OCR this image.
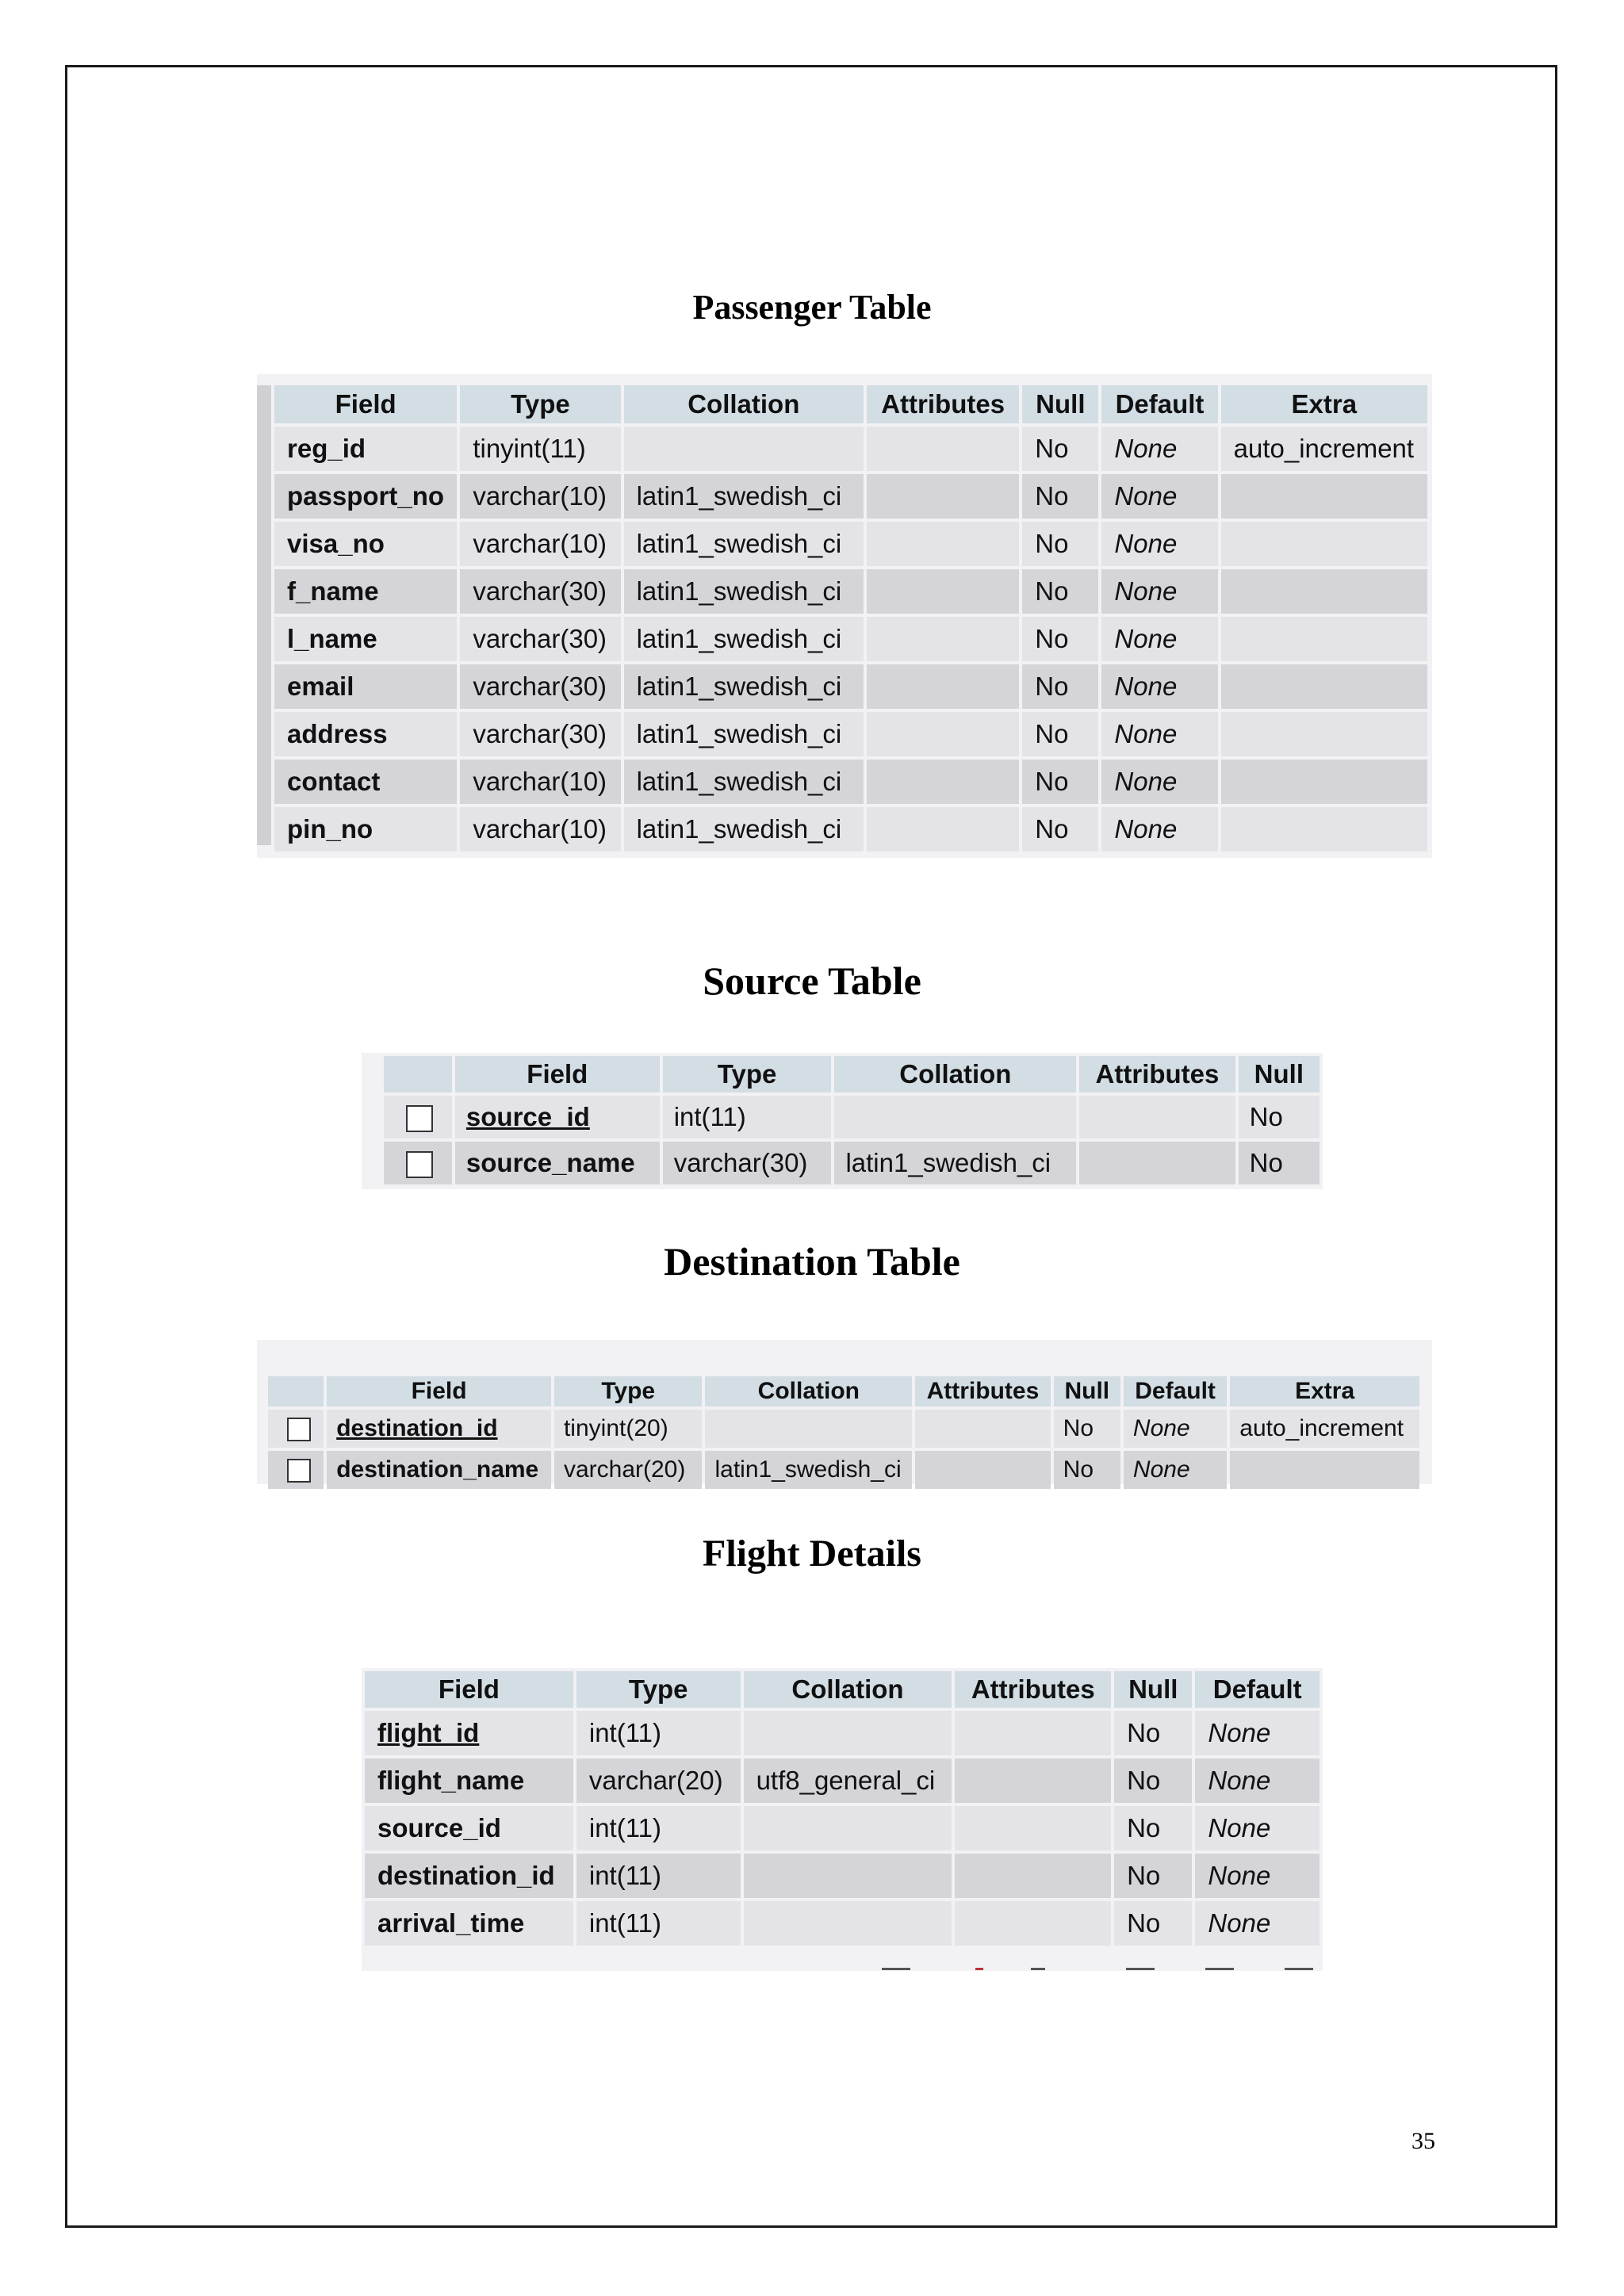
Passenger Table
Field	Type	Collation	Attributes	Null	Default	Extra
reg_id	tinyint(11)			No	None	auto_increment
passport_no	varchar(10)	latin1_swedish_ci		No	None	
visa_no	varchar(10)	latin1_swedish_ci		No	None	
f_name	varchar(30)	latin1_swedish_ci		No	None	
l_name	varchar(30)	latin1_swedish_ci		No	None	
email	varchar(30)	latin1_swedish_ci		No	None	
address	varchar(30)	latin1_swedish_ci		No	None	
contact	varchar(10)	latin1_swedish_ci		No	None	
pin_no	varchar(10)	latin1_swedish_ci		No	None	
Source Table
	Field	Type	Collation	Attributes	Null
	source_id	int(11)			No
	source_name	varchar(30)	latin1_swedish_ci		No
Destination Table
	Field	Type	Collation	Attributes	Null	Default	Extra
	destination_id	tinyint(20)			No	None	auto_increment
	destination_name	varchar(20)	latin1_swedish_ci		No	None	
Flight Details
Field	Type	Collation	Attributes	Null	Default
flight_id	int(11)			No	None
flight_name	varchar(20)	utf8_general_ci		No	None
source_id	int(11)			No	None
destination_id	int(11)			No	None
arrival_time	int(11)			No	None
35
